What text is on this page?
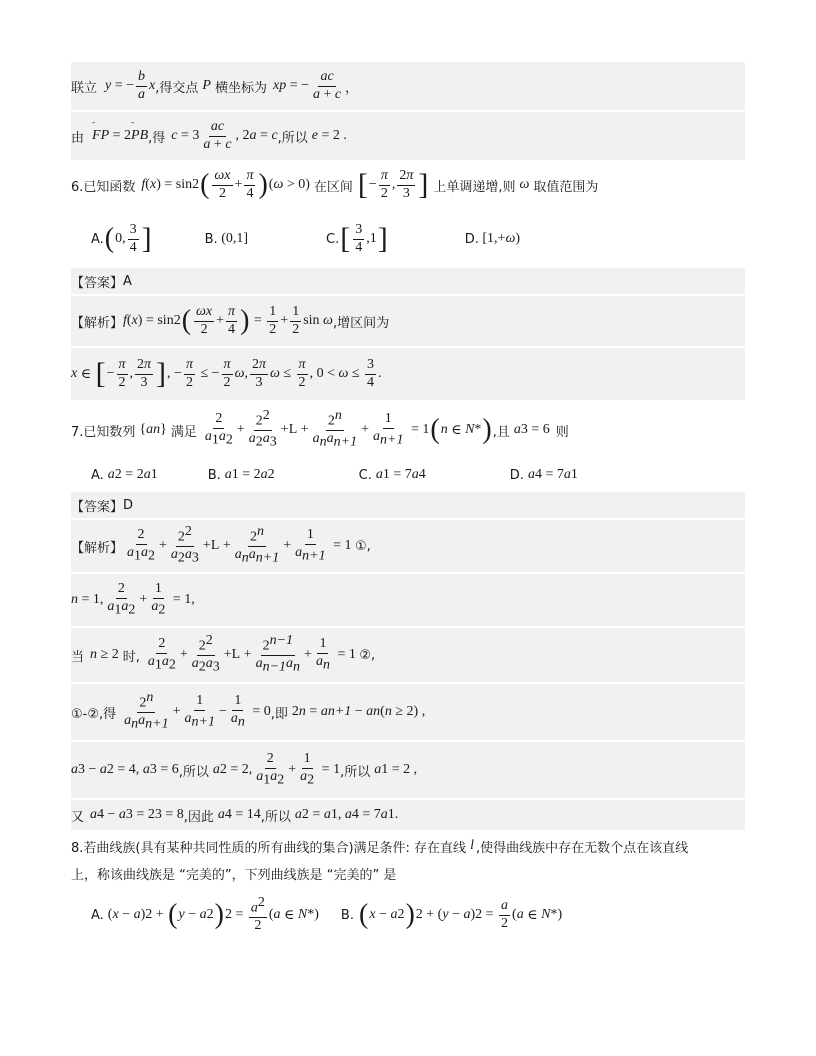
联立 y = − $\frac{b}{a}$ x ,得交点 P 横坐标为 x p = − $\frac{ac}{a + c}$ ，
由 ∙∙∙ FP = 2 ∙∙∙ PB ,得 $c = 3 \frac{ac}{a + c}$ , 2 a = c ,所以 e = 2 .
6.已知函数 f ( x ) = sin 2 ( $\frac{\omega x}{2} + \frac{\pi}{4}$ ) ( ω > 0) 在区间 [ − $\frac{\pi}{2}$ , $\frac{2\pi}{3}$ ] 上单调递增,则 ω 取值范围为
A. ( 0, $\frac{3}{4}$ ]	B. (0,1]	C. [ $\frac{3}{4} ,1$ ]	D. [1,+ ω )
【答案】 A
【解析】 f ( x ) = sin 2 ( $\frac{\omega x}{2} + \frac{\pi}{4}$ ) = $\frac{1}{2} + \frac{1}{2}$ sin ω ,增区间为
x ∈ [ − $\frac{\pi}{2}$ , $\frac{2\pi}{3}$ ] , − $\frac{\pi}{2}$ ≤ − $\frac{\pi}{2}$ ω , $\frac{2\pi}{3}$ $\omega \le \frac{\pi}{2}$ , $0 < \omega \le \frac{3}{4}$ .
7.已知数列 { a n } 满足 $\frac{2}{a_1a_2} + \frac{2^2}{a_2a_3} +L + \frac{2^n}{a_na_{n+1}} + \frac{1}{a_{n+1}} = 1$ ( n ∈ N * ) ,且 a 3 = 6 则
A. a 2 = 2 a 1	B. a 1 = 2 a 2	C. a 1 = 7 a 4	D. a 4 = 7 a 1
【答案】 D
【解析】 $\frac{2}{a_1a_2} + \frac{2^2}{a_2a_3} +L + \frac{2^n}{a_na_{n+1}} + \frac{1}{a_{n+1}} = 1$ ①,
n = 1, $\frac{2}{a_1a_2} + \frac{1}{a_2} = 1$,
当 n ≥ 2 时, $\frac{2}{a_1a_2} + \frac{2^2}{a_2a_3} +L + \frac{2^{n-1}}{a_{n-1}a_n} + \frac{1}{a_n} = 1$ ②,
①-②,得 $\frac{2^n}{a_na_{n+1}} + \frac{1}{a_{n+1}} - \frac{1}{a_n} = 0$ ,即 2 n = a n+1 − a n ( n ≥ 2) ,
a 3 − a 2 = 4, a 3 = 6 ,所以 a 2 = 2, $\frac{2}{a_1a_2} + \frac{1}{a_2} = 1$ ,所以 a 1 = 2 ,
又 a 4 − a 3 = 2 3 = 8 ,因此 a 4 = 14 ,所以 a 2 = a 1 , a 4 = 7 a 1 .
8.若曲线族(具有某种共同性质的所有曲线的集合)满足条件: 存在直线 l ,使得曲线族中存在无数个点在该直线
上，称该曲线族是 “完美的”，下列曲线族是 “完美的” 是
A. ( x − a ) 2 + ( y − a 2 ) $2 = \frac{a^2}{2}$ ( a ∈ N * ) B. ( x − a 2 ) 2 + ( y − a ) $2 = \frac{a}{2}$ ( a ∈ N * )
